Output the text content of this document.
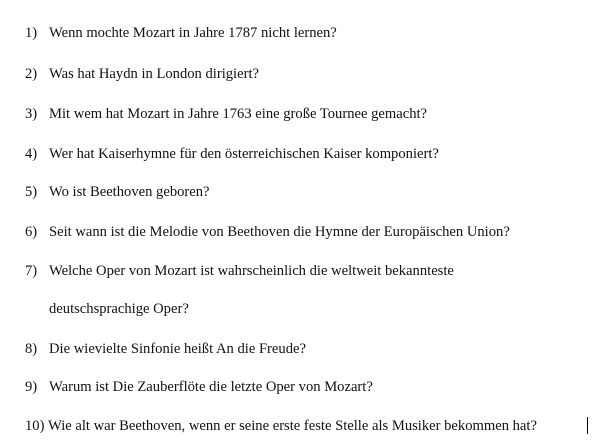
1) Wenn mochte Mozart in Jahre 1787 nicht lernen?
2) Was hat Haydn in London dirigiert?
3) Mit wem hat Mozart in Jahre 1763 eine große Tournee gemacht?
4) Wer hat Kaiserhymne für den österreichischen Kaiser komponiert?
5) Wo ist Beethoven geboren?
6) Seit wann ist die Melodie von Beethoven die Hymne der Europäischen Union?
7) Welche Oper von Mozart ist wahrscheinlich die weltweit bekannteste
deutschsprachige Oper?
8) Die wievielte Sinfonie heißt An die Freude?
9) Warum ist Die Zauberflöte die letzte Oper von Mozart?
10) Wie alt war Beethoven, wenn er seine erste feste Stelle als Musiker bekommen hat?
